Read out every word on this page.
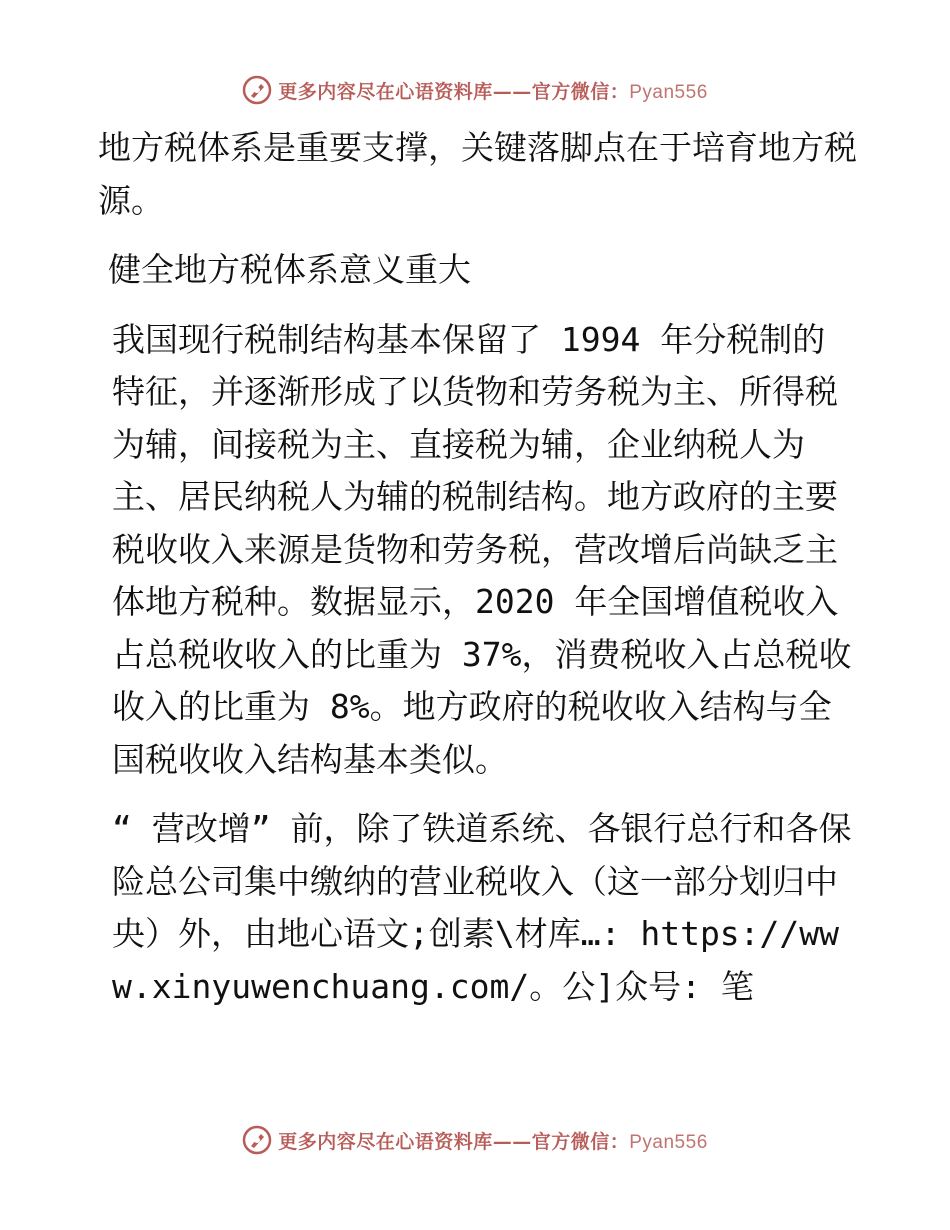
更多内容尽在心语资料库——官方微信：Pyan556

地方税体系是重要支撑，关键落脚点在于培育地方税源。

健全地方税体系意义重大

我国现行税制结构基本保留了 1994 年分税制的特征，并逐渐形成了以货物和劳务税为主、所得税为辅，间接税为主、直接税为辅，企业纳税人为主、居民纳税人为辅的税制结构。地方政府的主要税收收入来源是货物和劳务税，营改增后尚缺乏主体地方税种。数据显示，2020 年全国增值税收入占总税收收入的比重为 37%，消费税收入占总税收收入的比重为 8%。地方政府的税收收入结构与全国税收收入结构基本类似。

“ 营改增” 前，除了铁道系统、各银行总行和各保险总公司集中缴纳的营业税收入（这一部分划归中央）外，由地心语文;创素\材库…: https://www.xinyuwenchuang.com/。公]众号: 笔

更多内容尽在心语资料库——官方微信：Pyan556
